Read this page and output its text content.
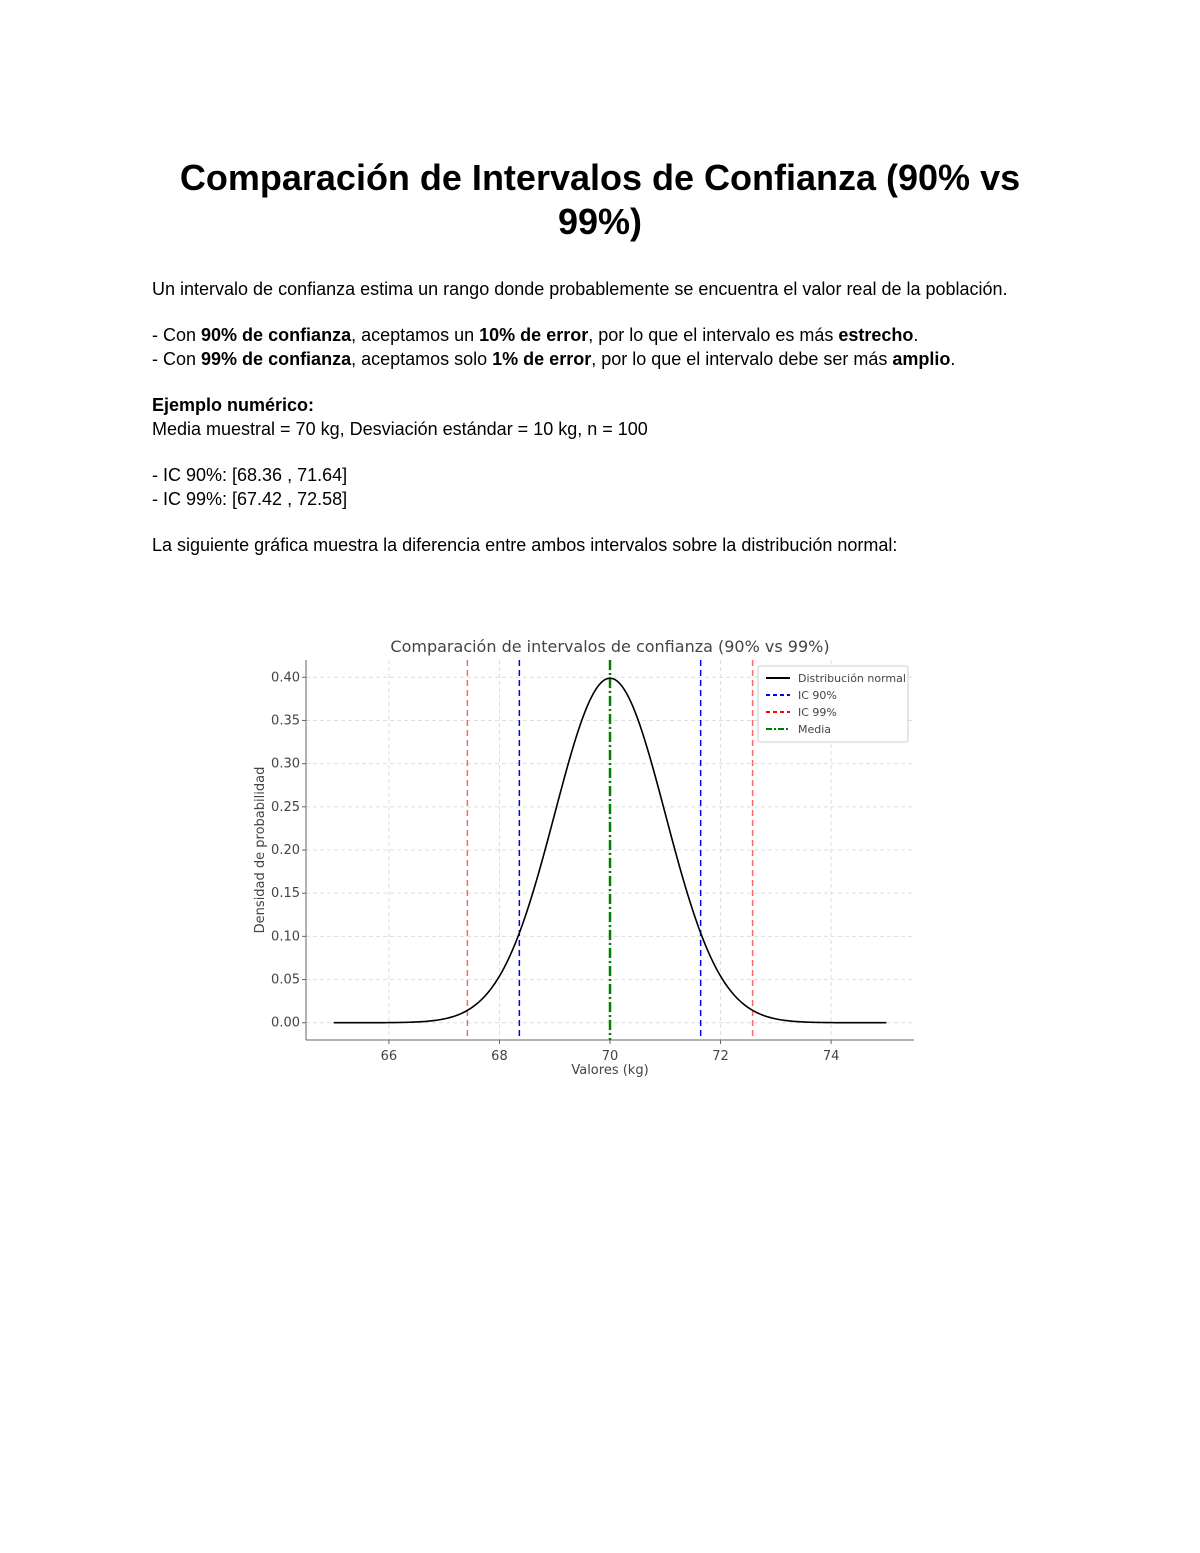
Comparación de Intervalos de Confianza (90% vs 99%)

Un intervalo de confianza estima un rango donde probablemente se encuentra el valor real de la población.

- Con 90% de confianza, aceptamos un 10% de error, por lo que el intervalo es más estrecho.

- Con 99% de confianza, aceptamos solo 1% de error, por lo que el intervalo debe ser más amplio.

Ejemplo numérico:

Media muestral = 70 kg, Desviación estándar = 10 kg, n = 100

- IC 90%: [68.36 , 71.64]

- IC 99%: [67.42 , 72.58]

La siguiente gráfica muestra la diferencia entre ambos intervalos sobre la distribución normal:

66	68	70	72	74
0.00
0.05
0.10
0.15
0.20
0.25
0.30
0.35
0.40
Comparación de intervalos de confianza (90% vs 99%)
Valores (kg)
Densidad de probabilidad
Distribución normal
IC 90%
IC 99%
Media
